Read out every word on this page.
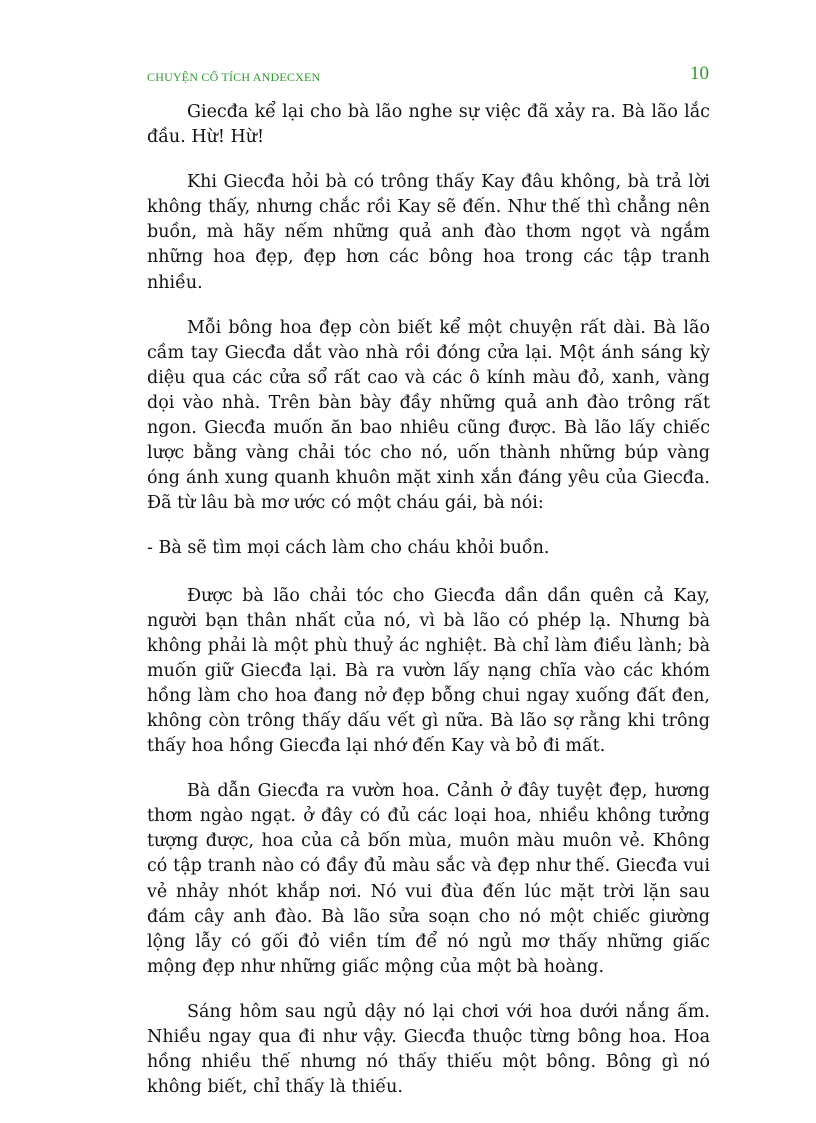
CHUYỆN CỔ TÍCH ANDECXEN	10

Giecđa kể lại cho bà lão nghe sự việc đã xảy ra. Bà lão lắc đầu. Hừ! Hừ!

Khi Giecđa hỏi bà có trông thấy Kay đâu không, bà trả lời không thấy, nhưng chắc rồi Kay sẽ đến. Như thế thì chẳng nên buồn, mà hãy nếm những quả anh đào thơm ngọt và ngắm những hoa đẹp, đẹp hơn các bông hoa trong các tập tranh nhiều.

Mỗi bông hoa đẹp còn biết kể một chuyện rất dài. Bà lão cầm tay Giecđa dắt vào nhà rồi đóng cửa lại. Một ánh sáng kỳ diệu qua các cửa sổ rất cao và các ô kính màu đỏ, xanh, vàng dọi vào nhà. Trên bàn bày đầy những quả anh đào trông rất ngon. Giecđa muốn ăn bao nhiêu cũng được. Bà lão lấy chiếc lược bằng vàng chải tóc cho nó, uốn thành những búp vàng óng ánh xung quanh khuôn mặt xinh xắn đáng yêu của Giecđa. Đã từ lâu bà mơ ước có một cháu gái, bà nói:

- Bà sẽ tìm mọi cách làm cho cháu khỏi buồn.

Được bà lão chải tóc cho Giecđa dần dần quên cả Kay, người bạn thân nhất của nó, vì bà lão có phép lạ. Nhưng bà không phải là một phù thuỷ ác nghiệt. Bà chỉ làm điều lành; bà muốn giữ Giecđa lại. Bà ra vườn lấy nạng chĩa vào các khóm hồng làm cho hoa đang nở đẹp bỗng chui ngay xuống đất đen, không còn trông thấy dấu vết gì nữa. Bà lão sợ rằng khi trông thấy hoa hồng Giecđa lại nhớ đến Kay và bỏ đi mất.

Bà dẫn Giecđa ra vườn hoa. Cảnh ở đây tuyệt đẹp, hương thơm ngào ngạt. ở đây có đủ các loại hoa, nhiều không tưởng tượng được, hoa của cả bốn mùa, muôn màu muôn vẻ. Không có tập tranh nào có đầy đủ màu sắc và đẹp như thế. Giecđa vui vẻ nhảy nhót khắp nơi. Nó vui đùa đến lúc mặt trời lặn sau đám cây anh đào. Bà lão sửa soạn cho nó một chiếc giường lộng lẫy có gối đỏ viền tím để nó ngủ mơ thấy những giấc mộng đẹp như những giấc mộng của một bà hoàng.

Sáng hôm sau ngủ dậy nó lại chơi với hoa dưới nắng ấm. Nhiều ngay qua đi như vậy. Giecđa thuộc từng bông hoa. Hoa hồng nhiều thế nhưng nó thấy thiếu một bông. Bông gì nó không biết, chỉ thấy là thiếu.
